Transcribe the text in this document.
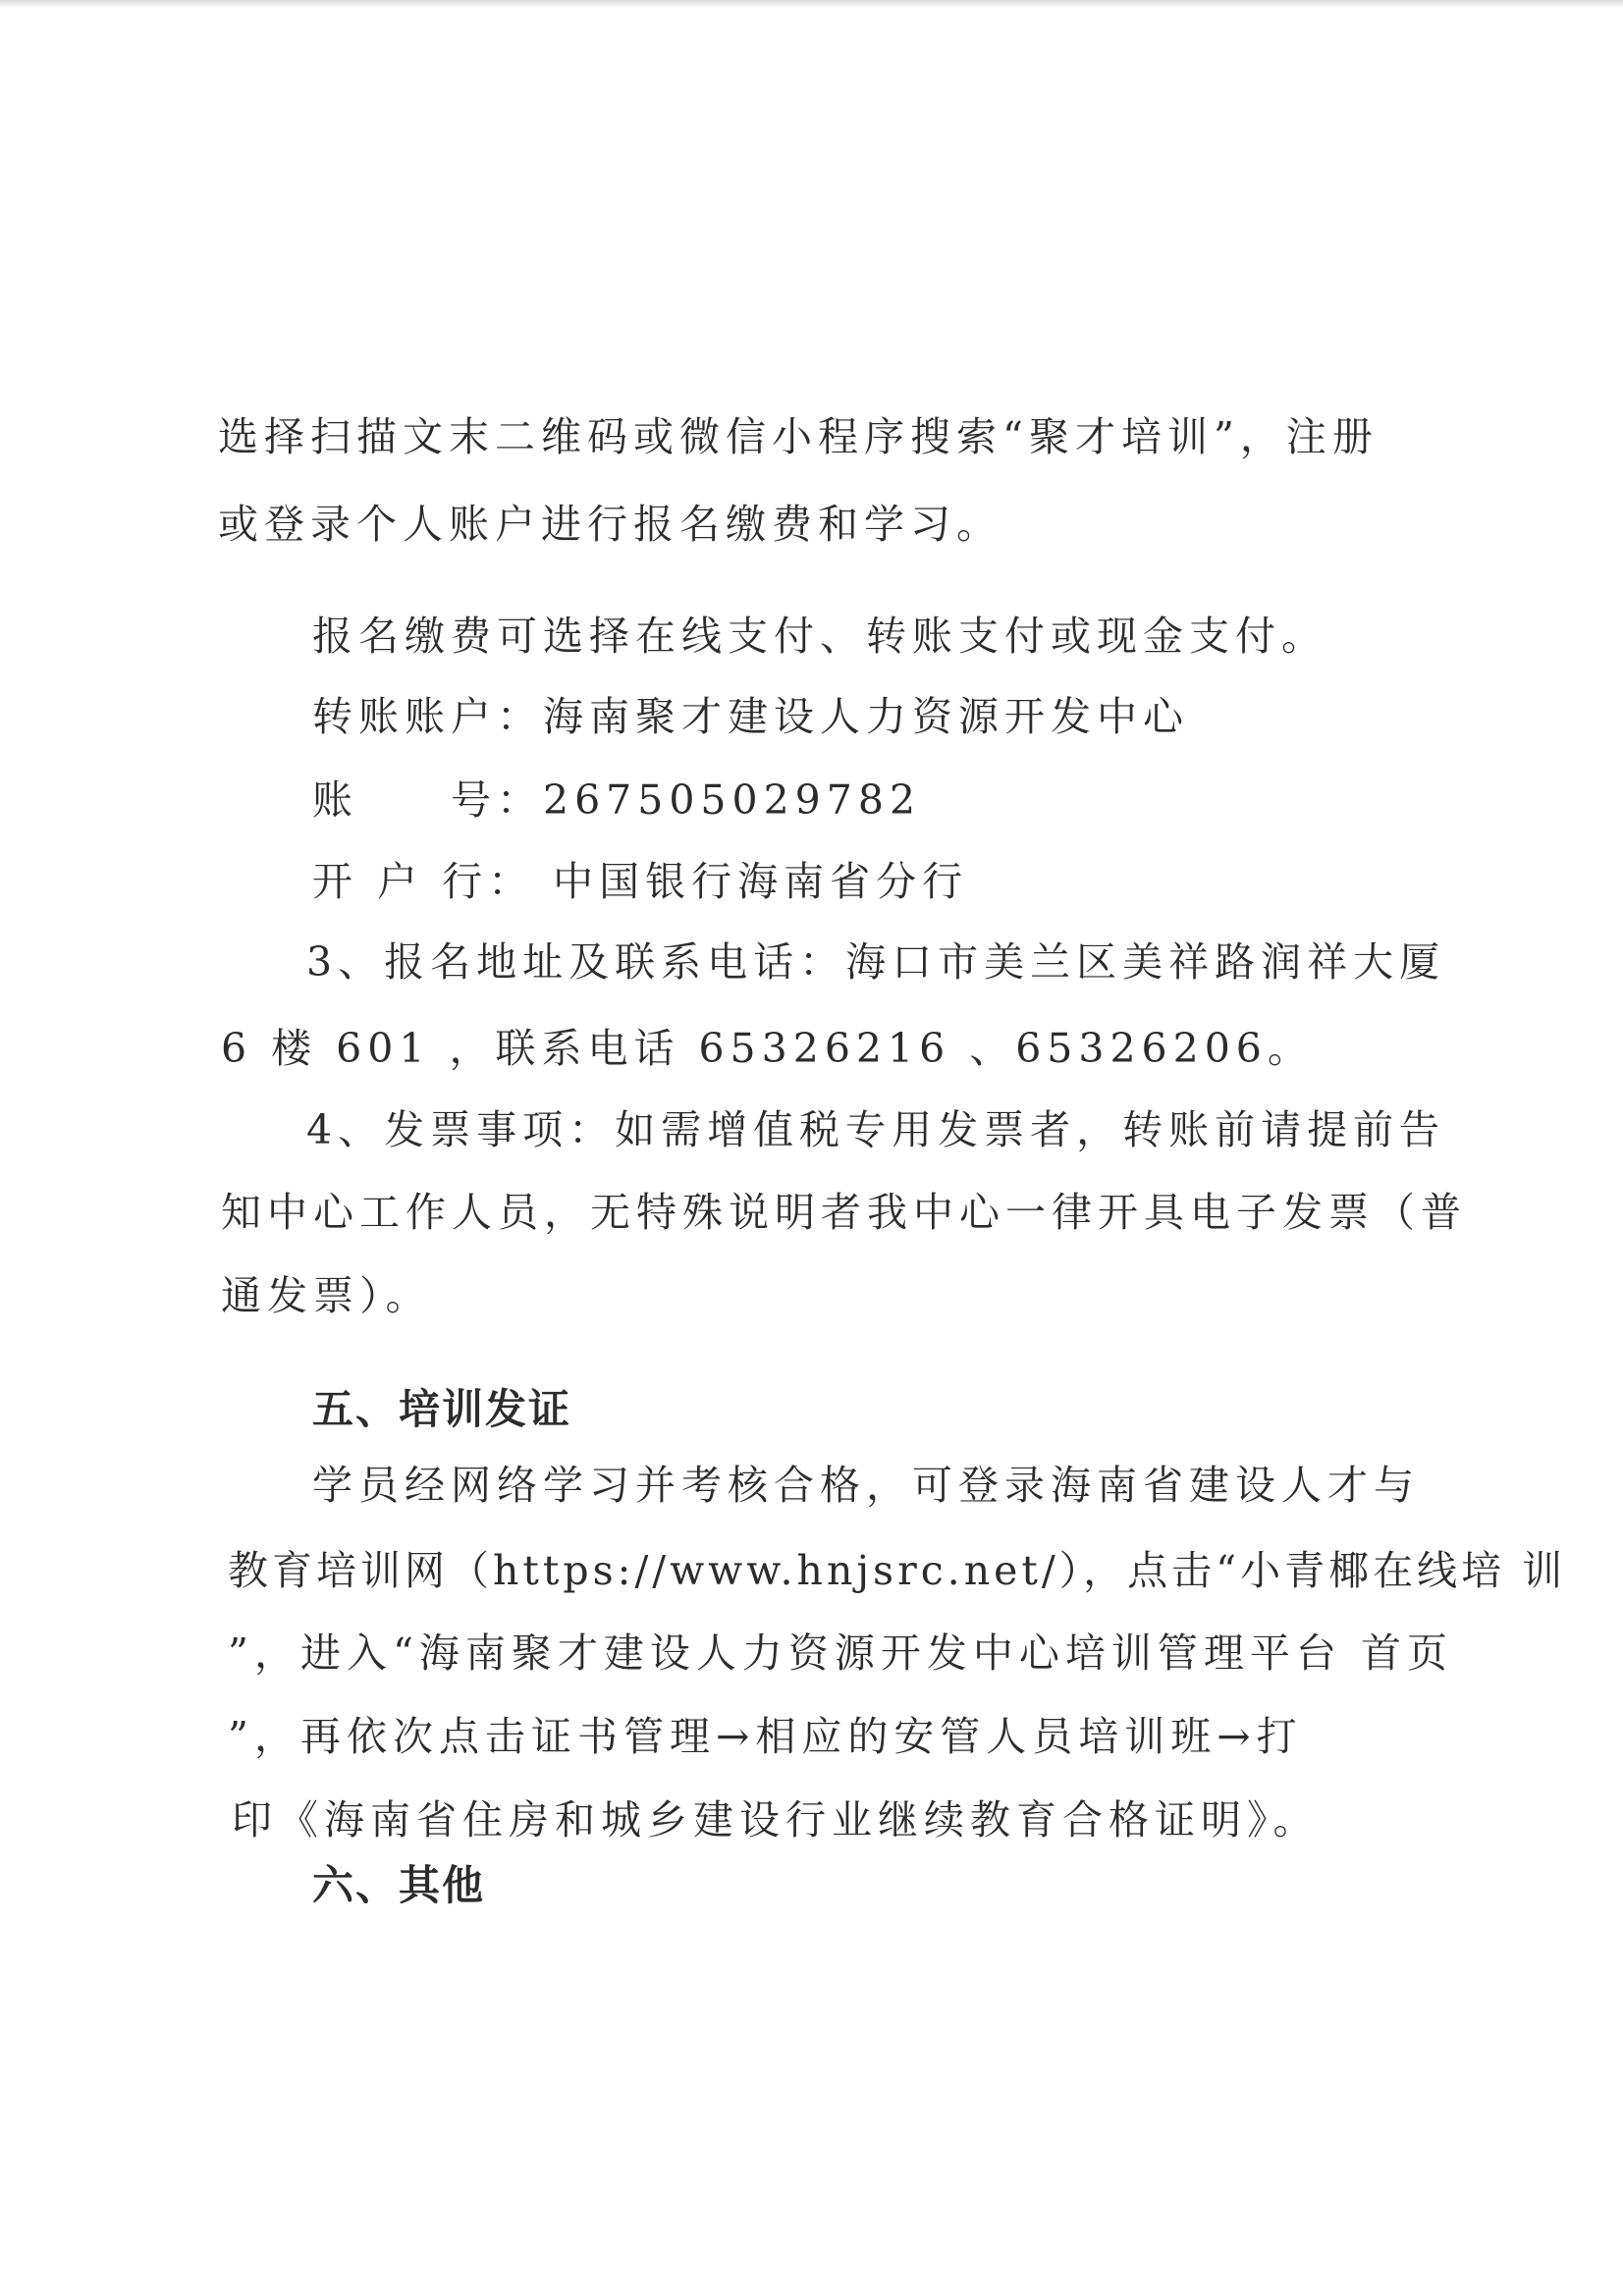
选择扫描文末二维码或微信小程序搜索“聚才培训”，注册
或登录个人账户进行报名缴费和学习。
报名缴费可选择在线支付、转账支付或现金支付。
转账账户：海南聚才建设人力资源开发中心
账　　号：267505029782
开 户 行： 中国银行海南省分行
3、报名地址及联系电话：海口市美兰区美祥路润祥大厦
6 楼 601 ，联系电话 65326216 、65326206。
4、发票事项：如需增值税专用发票者，转账前请提前告
知中心工作人员，无特殊说明者我中心一律开具电子发票（普
通发票）。
五、培训发证
学员经网络学习并考核合格，可登录海南省建设人才与
教育培训网（https://www.hnjsrc.net/），点击“小青椰在线培 训
”，进入“海南聚才建设人力资源开发中心培训管理平台 首页
”，再依次点击证书管理→相应的安管人员培训班→打
印《海南省住房和城乡建设行业继续教育合格证明》。
六、其他
